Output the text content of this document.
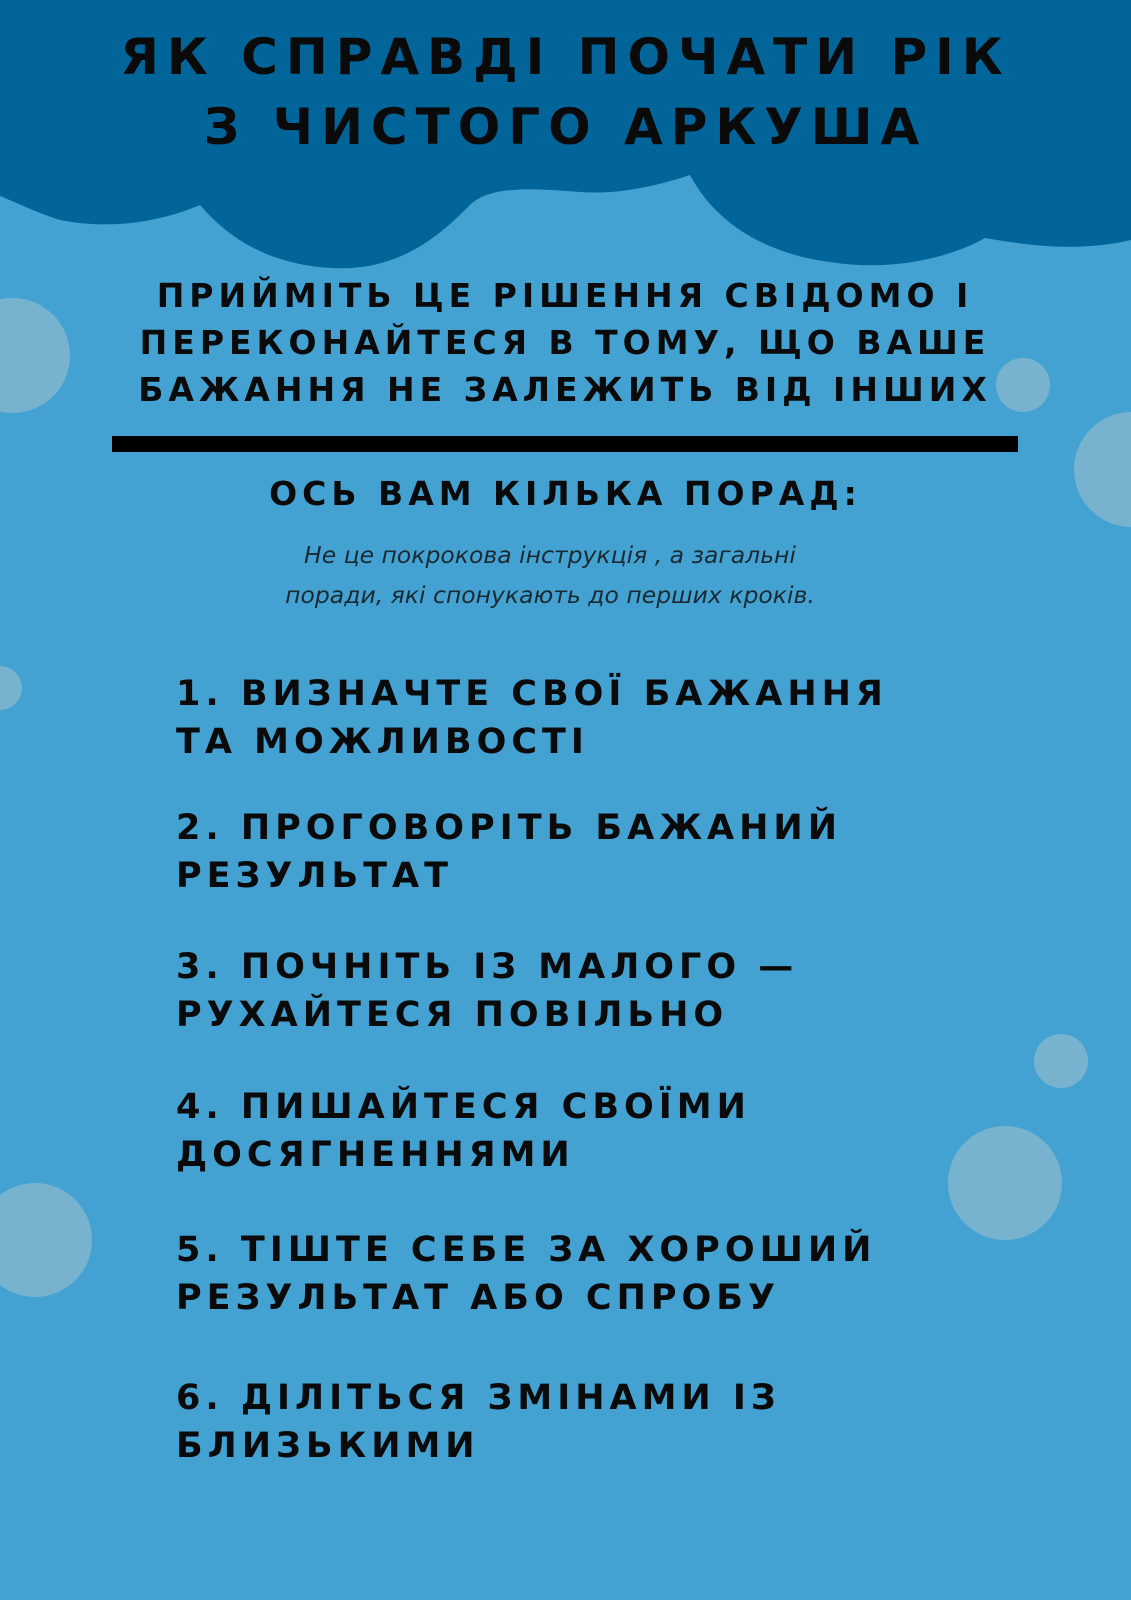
ЯК СПРАВДІ ПОЧАТИ РІК
З ЧИСТОГО АРКУША

ПРИЙМІТЬ ЦЕ РІШЕННЯ СВІДОМО І
ПЕРЕКОНАЙТЕСЯ В ТОМУ, ЩО ВАШЕ
БАЖАННЯ НЕ ЗАЛЕЖИТЬ ВІД ІНШИХ

ОСЬ ВАМ КІЛЬКА ПОРАД:

Не це покрокова інструкція , а загальні
поради, які спонукають до перших кроків.

1. ВИЗНАЧТЕ СВОЇ БАЖАННЯ
ТА МОЖЛИВОСТІ
2. ПРОГОВОРІТЬ БАЖАНИЙ
РЕЗУЛЬТАТ
3. ПОЧНІТЬ ІЗ МАЛОГО —
РУХАЙТЕСЯ ПОВІЛЬНО
4. ПИШАЙТЕСЯ СВОЇМИ
ДОСЯГНЕННЯМИ
5. ТІШТЕ СЕБЕ ЗА ХОРОШИЙ
РЕЗУЛЬТАТ АБО СПРОБУ
6. ДІЛІТЬСЯ ЗМІНАМИ ІЗ
БЛИЗЬКИМИ
